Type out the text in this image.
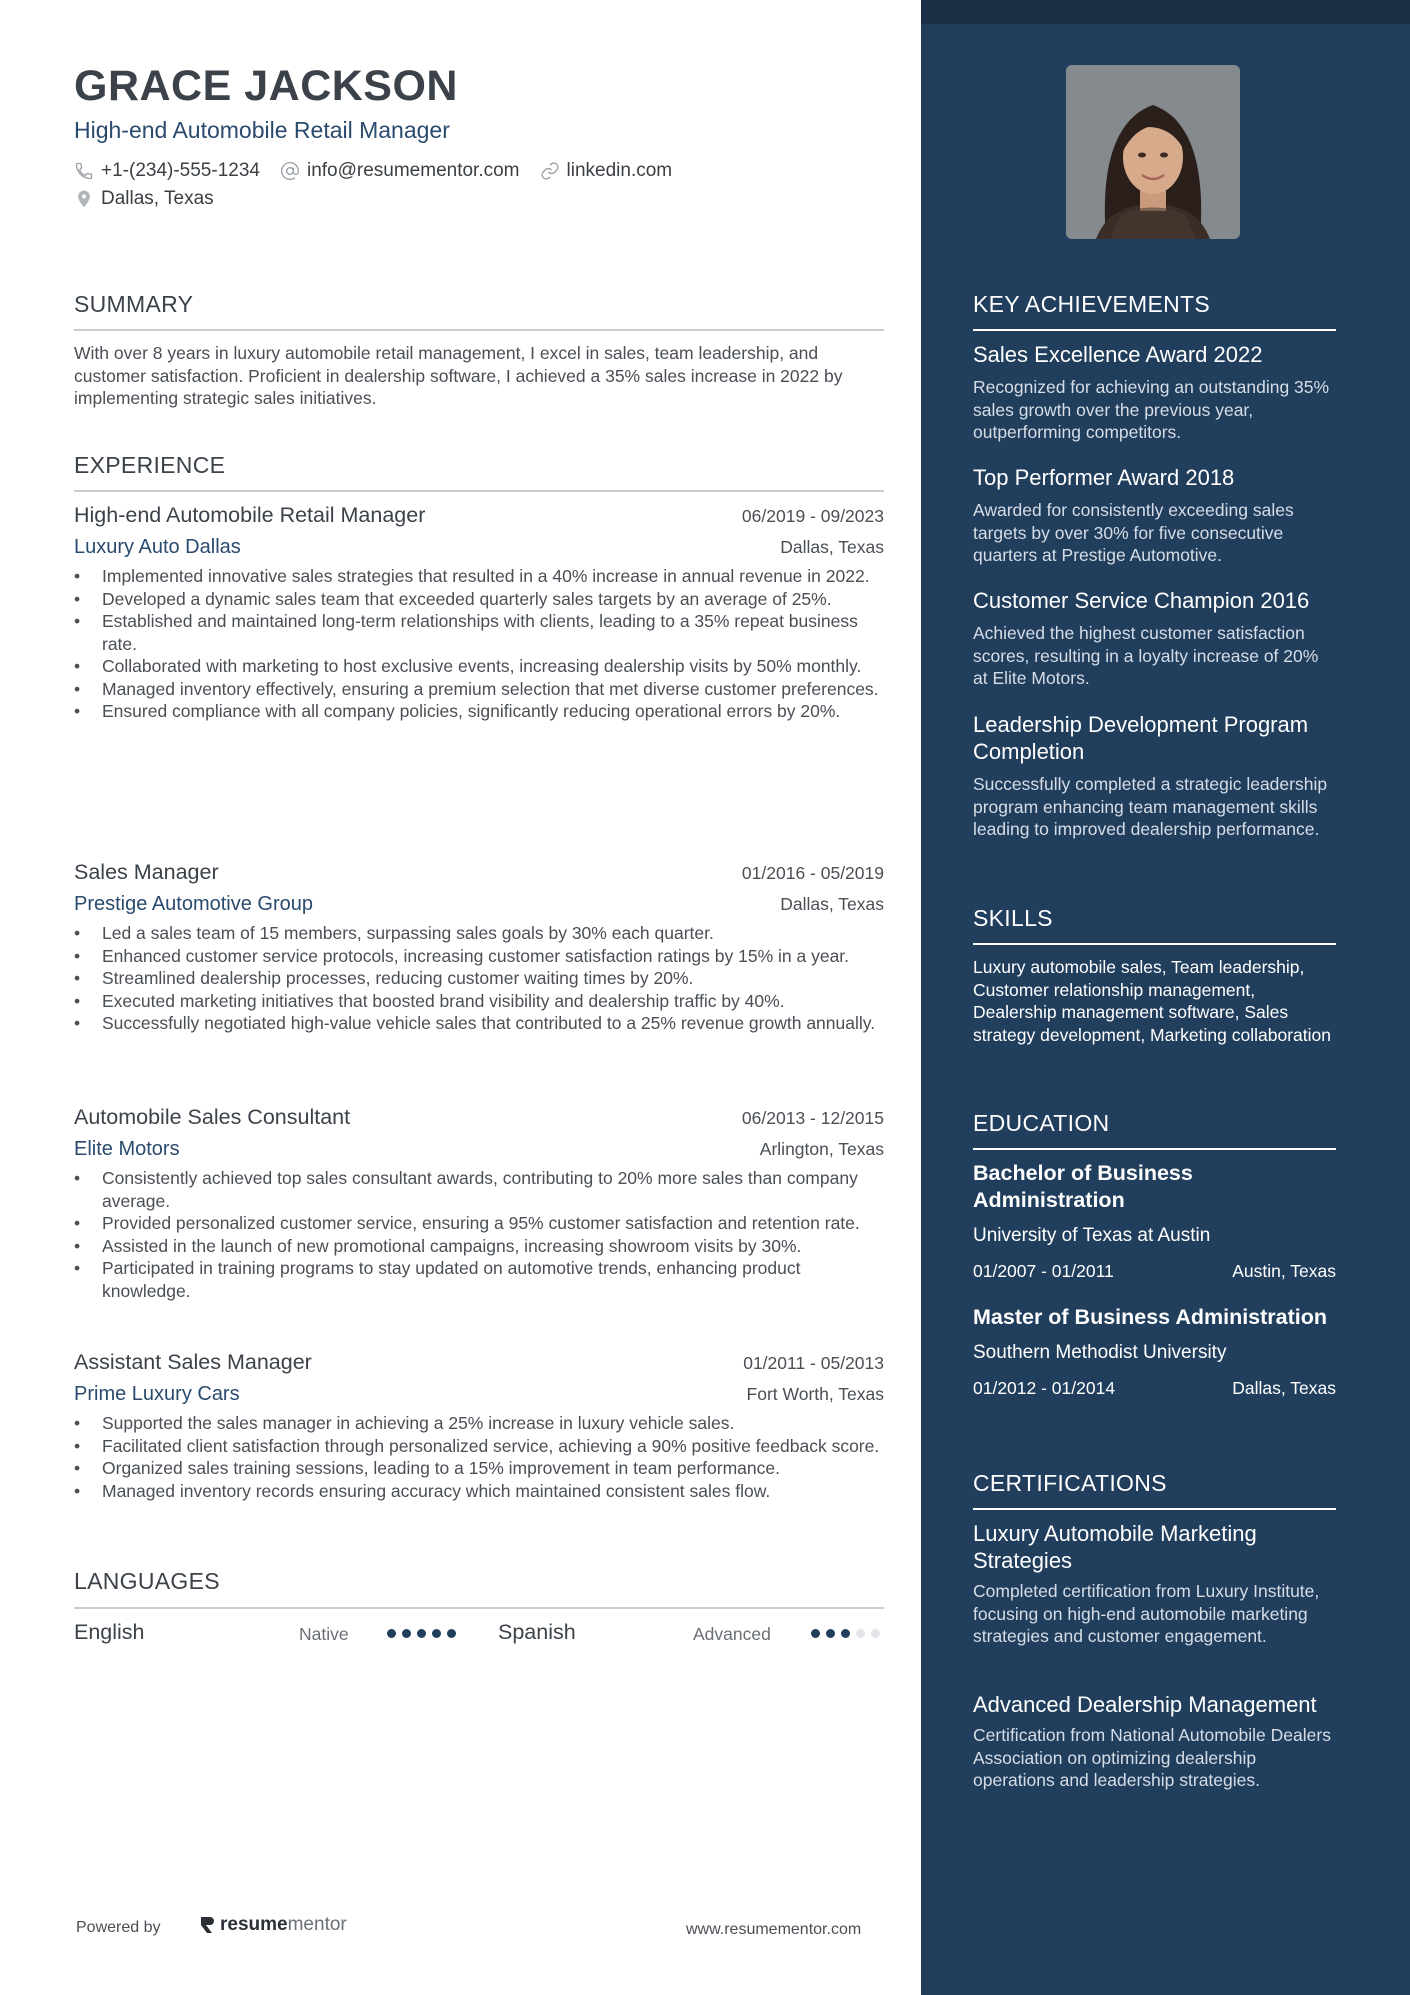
GRACE JACKSON
High-end Automobile Retail Manager
+1-(234)-555-1234 info@resumementor.com linkedin.com
Dallas, Texas
SUMMARY
With over 8 years in luxury automobile retail management, I excel in sales, team leadership, and customer satisfaction. Proficient in dealership software, I achieved a 35% sales increase in 2022 by implementing strategic sales initiatives.
EXPERIENCE
High-end Automobile Retail Manager	06/2019 - 09/2023
Luxury Auto Dallas	Dallas, Texas
• Implemented innovative sales strategies that resulted in a 40% increase in annual revenue in 2022.
• Developed a dynamic sales team that exceeded quarterly sales targets by an average of 25%.
• Established and maintained long-term relationships with clients, leading to a 35% repeat business rate.
• Collaborated with marketing to host exclusive events, increasing dealership visits by 50% monthly.
• Managed inventory effectively, ensuring a premium selection that met diverse customer preferences.
• Ensured compliance with all company policies, significantly reducing operational errors by 20%.
Sales Manager	01/2016 - 05/2019
Prestige Automotive Group	Dallas, Texas
• Led a sales team of 15 members, surpassing sales goals by 30% each quarter.
• Enhanced customer service protocols, increasing customer satisfaction ratings by 15% in a year.
• Streamlined dealership processes, reducing customer waiting times by 20%.
• Executed marketing initiatives that boosted brand visibility and dealership traffic by 40%.
• Successfully negotiated high-value vehicle sales that contributed to a 25% revenue growth annually.
Automobile Sales Consultant	06/2013 - 12/2015
Elite Motors	Arlington, Texas
• Consistently achieved top sales consultant awards, contributing to 20% more sales than company average.
• Provided personalized customer service, ensuring a 95% customer satisfaction and retention rate.
• Assisted in the launch of new promotional campaigns, increasing showroom visits by 30%.
• Participated in training programs to stay updated on automotive trends, enhancing product knowledge.
Assistant Sales Manager	01/2011 - 05/2013
Prime Luxury Cars	Fort Worth, Texas
• Supported the sales manager in achieving a 25% increase in luxury vehicle sales.
• Facilitated client satisfaction through personalized service, achieving a 90% positive feedback score.
• Organized sales training sessions, leading to a 15% improvement in team performance.
• Managed inventory records ensuring accuracy which maintained consistent sales flow.
LANGUAGES
English	Native	Spanish	Advanced
Powered by	resume mentor	www.resumementor.com
KEY ACHIEVEMENTS
Sales Excellence Award 2022
Recognized for achieving an outstanding 35% sales growth over the previous year, outperforming competitors.
Top Performer Award 2018
Awarded for consistently exceeding sales targets by over 30% for five consecutive quarters at Prestige Automotive.
Customer Service Champion 2016
Achieved the highest customer satisfaction scores, resulting in a loyalty increase of 20% at Elite Motors.
Leadership Development Program Completion
Successfully completed a strategic leadership program enhancing team management skills leading to improved dealership performance.
SKILLS
Luxury automobile sales, Team leadership, Customer relationship management, Dealership management software, Sales strategy development, Marketing collaboration
EDUCATION
Bachelor of Business Administration
University of Texas at Austin
01/2007 - 01/2011	Austin, Texas
Master of Business Administration
Southern Methodist University
01/2012 - 01/2014	Dallas, Texas
CERTIFICATIONS
Luxury Automobile Marketing Strategies
Completed certification from Luxury Institute, focusing on high-end automobile marketing strategies and customer engagement.
Advanced Dealership Management
Certification from National Automobile Dealers Association on optimizing dealership operations and leadership strategies.
